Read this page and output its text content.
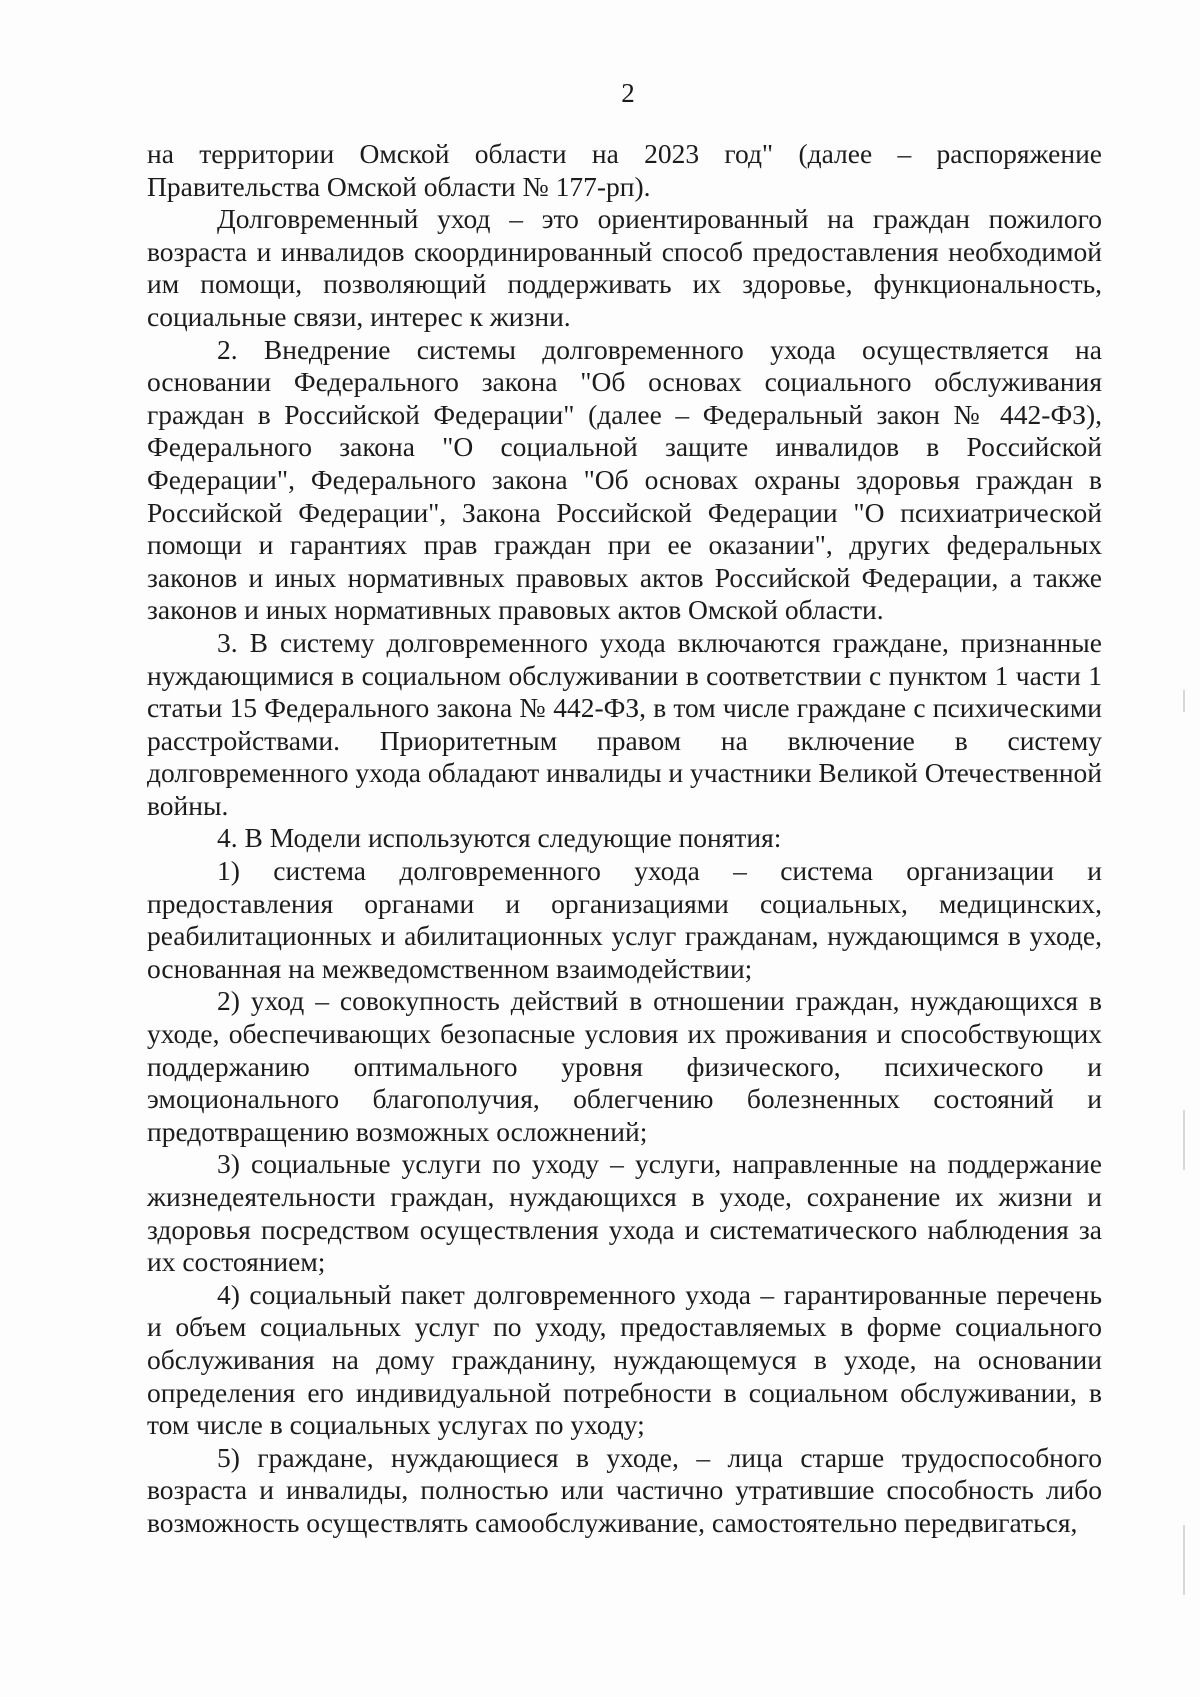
2

на территории Омской области на 2023 год" (далее – распоряжение Правительства Омской области № 177-рп).

Долговременный уход – это ориентированный на граждан пожилого возраста и инвалидов скоординированный способ предоставления необходимой им помощи, позволяющий поддерживать их здоровье, функциональность, социальные связи, интерес к жизни.

2. Внедрение системы долговременного ухода осуществляется на основании Федерального закона "Об основах социального обслуживания граждан в Российской Федерации" (далее – Федеральный закон № 442-ФЗ), Федерального закона "О социальной защите инвалидов в Российской Федерации", Федерального закона "Об основах охраны здоровья граждан в Российской Федерации", Закона Российской Федерации "О психиатрической помощи и гарантиях прав граждан при ее оказании", других федеральных законов и иных нормативных правовых актов Российской Федерации, а также законов и иных нормативных правовых актов Омской области.

3. В систему долговременного ухода включаются граждане, признанные нуждающимися в социальном обслуживании в соответствии с пунктом 1 части 1 статьи 15 Федерального закона № 442-ФЗ, в том числе граждане с психическими расстройствами. Приоритетным правом на включение в систему долговременного ухода обладают инвалиды и участники Великой Отечественной войны.

4. В Модели используются следующие понятия:

1) система долговременного ухода – система организации и предоставления органами и организациями социальных, медицинских, реабилитационных и абилитационных услуг гражданам, нуждающимся в уходе, основанная на межведомственном взаимодействии;

2) уход – совокупность действий в отношении граждан, нуждающихся в уходе, обеспечивающих безопасные условия их проживания и способствующих поддержанию оптимального уровня физического, психического и эмоционального благополучия, облегчению болезненных состояний и предотвращению возможных осложнений;

3) социальные услуги по уходу – услуги, направленные на поддержание жизнедеятельности граждан, нуждающихся в уходе, сохранение их жизни и здоровья посредством осуществления ухода и систематического наблюдения за их состоянием;

4) социальный пакет долговременного ухода – гарантированные перечень и объем социальных услуг по уходу, предоставляемых в форме социального обслуживания на дому гражданину, нуждающемуся в уходе, на основании определения его индивидуальной потребности в социальном обслуживании, в том числе в социальных услугах по уходу;

5) граждане, нуждающиеся в уходе, – лица старше трудоспособного возраста и инвалиды, полностью или частично утратившие способность либо возможность осуществлять самообслуживание, самостоятельно передвигаться,
